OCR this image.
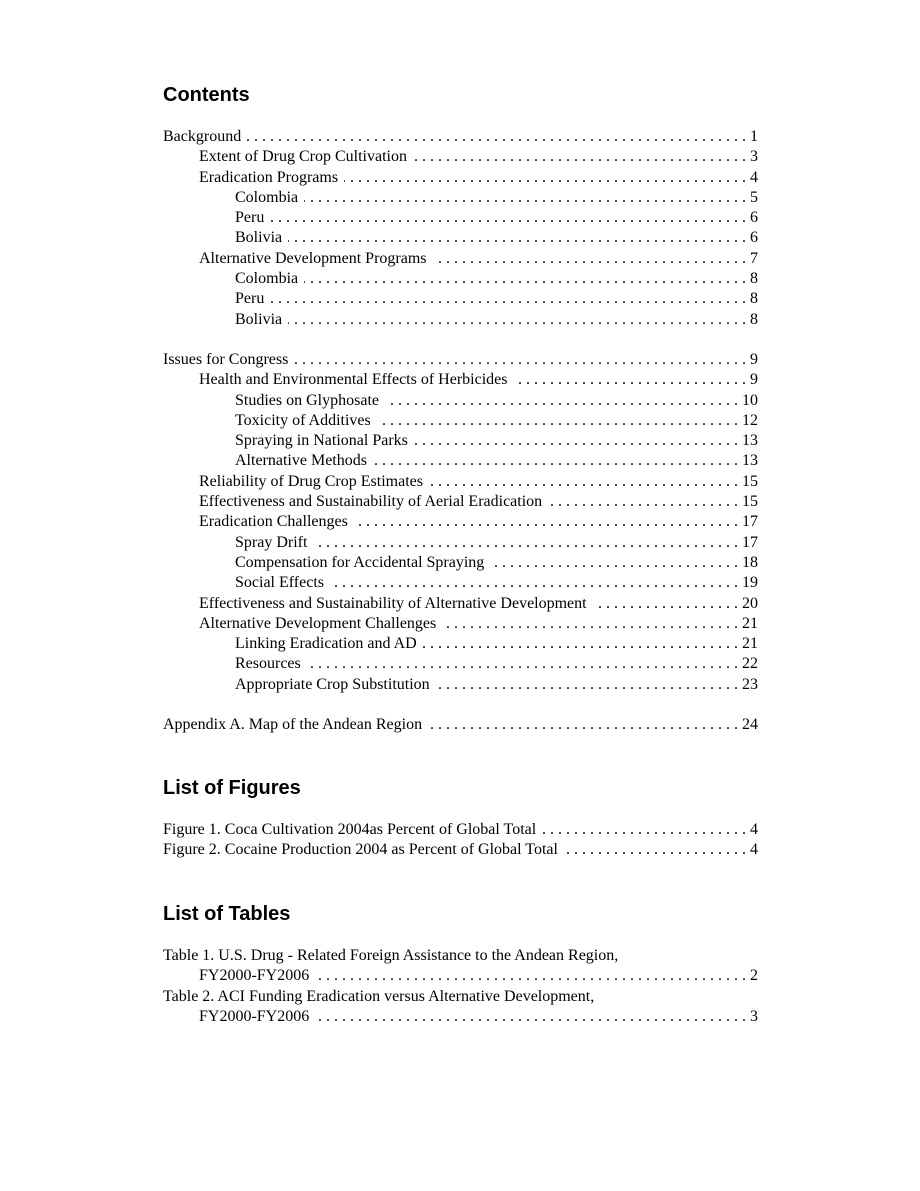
Contents
Background . . .	1
Extent of Drug Crop Cultivation . . .	3
Eradication Programs . . .	4
Colombia . . .	5
Peru . . .	6
Bolivia . . .	6
Alternative Development Programs . . .	7
Colombia . . .	8
Peru . . .	8
Bolivia . . .	8
Issues for Congress . . .	9
Health and Environmental Effects of Herbicides . . .	9
Studies on Glyphosate . . .	10
Toxicity of Additives . . .	12
Spraying in National Parks . . .	13
Alternative Methods . . .	13
Reliability of Drug Crop Estimates . . .	15
Effectiveness and Sustainability of Aerial Eradication . . .	15
Eradication Challenges . . .	17
Spray Drift . . .	17
Compensation for Accidental Spraying . . .	18
Social Effects . . .	19
Effectiveness and Sustainability of Alternative Development . . .	20
Alternative Development Challenges . . .	21
Linking Eradication and AD . . .	21
Resources . . .	22
Appropriate Crop Substitution . . .	23
Appendix A. Map of the Andean Region . . .	24
List of Figures
Figure 1. Coca Cultivation 2004as Percent of Global Total . . .	4
Figure 2. Cocaine Production 2004 as Percent of Global Total . . .	4
List of Tables
Table 1. U.S. Drug - Related Foreign Assistance to the Andean Region,
FY2000-FY2006 . . .	2
Table 2. ACI Funding Eradication versus Alternative Development,
FY2000-FY2006 . . .	3
